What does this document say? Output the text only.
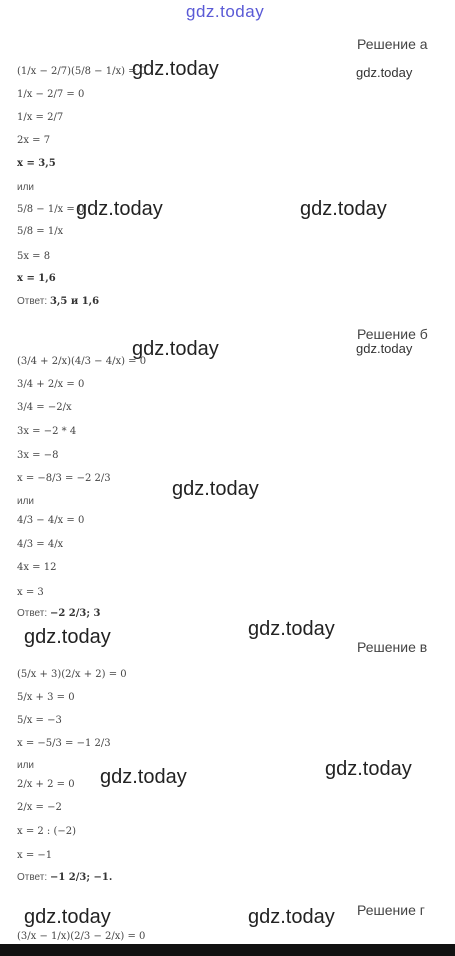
gdz.today
Решение а
gdz.today	gdz.today
(1/x − 2/7)(5/8 − 1/x) = 0
1/x − 2/7 = 0
1/x = 2/7
2x = 7
x = 3,5
или
5/8 − 1/x = 0
gdz.today	gdz.today
5/8 = 1/x
5x = 8
x = 1,6
Ответ: 3,5 и 1,6
Решение б
gdz.today
gdz.today
(3/4 + 2/x)(4/3 − 4/x) = 0
3/4 + 2/x = 0
3/4 = −2/x
3x = −2 * 4
3x = −8
x = −8/3 = −2 2/3	gdz.today
или
4/3 − 4/x = 0
4/3 = 4/x
4x = 12
x = 3
Ответ: −2 2/3; 3
gdz.today	gdz.today
Решение в
(5/x + 3)(2/x + 2) = 0
5/x + 3 = 0
5/x = −3
x = −5/3 = −1 2/3
или
gdz.today	gdz.today
2/x + 2 = 0
2/x = −2
x = 2 : (−2)
x = −1
Ответ: −1 2/3; −1.
gdz.today	gdz.today Решение г
(3/x − 1/x)(2/3 − 2/x) = 0
